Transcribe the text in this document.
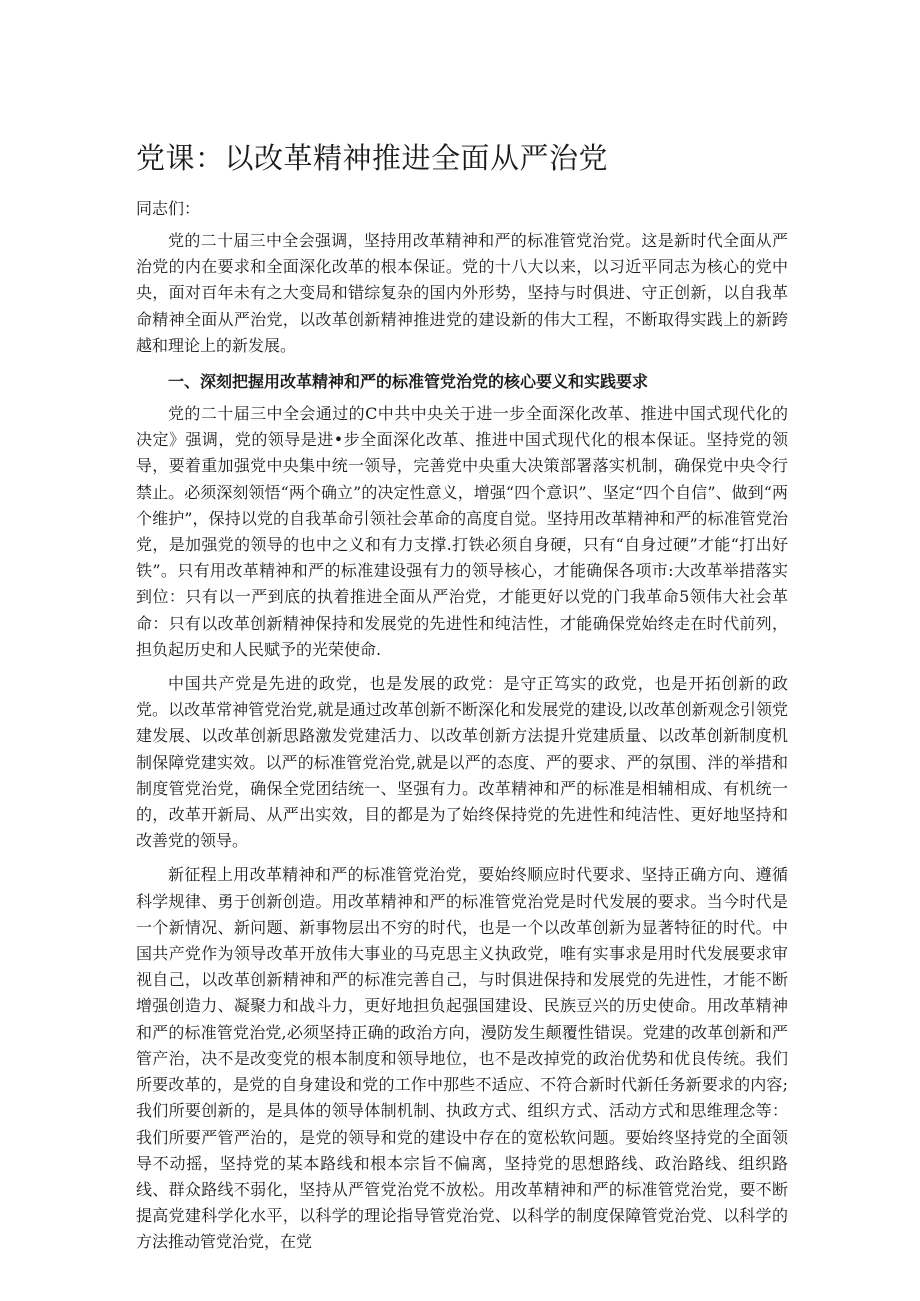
党课：以改革精神推进全面从严治党

同志们：

党的二十届三中全会强调，坚持用改革精神和严的标准管党治党。这是新时代全面从严治党的内在要求和全面深化改革的根本保证。党的十八大以来，以习近平同志为核心的党中央，面对百年未有之大变局和错综复杂的国内外形势，坚持与时俱进、守正创新，以自我革命精神全面从严治党，以改革创新精神推进党的建设新的伟大工程，不断取得实践上的新跨越和理论上的新发展。

一、深刻把握用改革精神和严的标准管党治党的核心要义和实践要求

党的二十届三中全会通过的C中共中央关于进一步全面深化改革、推进中国式现代化的决定》强调，党的领导是进•步全面深化改革、推进中国式现代化的根本保证。坚持党的领导，要着重加强党中央集中统一领导，完善党中央重大决策部署落实机制，确保党中央令行禁止。必须深刻领悟“两个确立”的决定性意义，增强“四个意识”、坚定“四个自信”、做到“两个维护”，保持以党的自我革命引领社会革命的高度自觉。坚持用改革精神和严的标准管党治党，是加强党的领导的也中之义和有力支撑.打铁必须自身硬，只有“自身过硬”才能“打出好铁”。只有用改革精神和严的标准建设强有力的领导核心，才能确保各项市:大改革举措落实到位：只有以一严到底的执着推进全面从严治党，才能更好以党的门我革命5领伟大社会革命：只有以改革创新精神保持和发展党的先进性和纯洁性，才能确保党始终走在时代前列，担负起历史和人民赋予的光荣使命.

中国共产党是先进的政党，也是发展的政党：是守正笃实的政党，也是开拓创新的政党。以改革常神管党治党,就是通过改革创新不断深化和发展党的建设,以改革创新观念引领党建发展、以改革创新思路激发党建活力、以改革创新方法提升党建质量、以改革创新制度机制保障党建实效。以严的标准管党治党,就是以严的态度、严的要求、严的氛围、泮的举措和制度管党治党，确保全党团结统一、坚强有力。改革精神和严的标准是相辅相成、有机统一的，改革开新局、从严出实效，目的都是为了始终保持党的先进性和纯洁性、更好地坚持和改善党的领导。

新征程上用改革精神和严的标准管党治党，要始终顺应时代要求、坚持正确方向、遵循科学规律、勇于创新创造。用改革精神和严的标准管党治党是时代发展的要求。当今时代是一个新情况、新问题、新事物层出不穷的时代，也是一个以改革创新为显著特征的时代。中国共产党作为领导改革开放伟大事业的马克思主义执政党，唯有实事求是用时代发展要求审视自己，以改革创新精神和严的标准完善自己，与时俱进保持和发展党的先进性，才能不断增强创造力、凝聚力和战斗力，更好地担负起强国建设、民族豆兴的历史使命。用改革精神和严的标准管党治党,必须坚持正确的政治方向，漫防发生颠覆性错误。党建的改革创新和严管产治，决不是改变党的根本制度和领导地位，也不是改掉党的政治优势和优良传统。我们所要改革的，是党的自身建设和党的工作中那些不适应、不符合新时代新任务新要求的内容;我们所要创新的，是具体的领导体制机制、执政方式、组织方式、活动方式和思维理念等：我们所要严管严治的，是党的领导和党的建设中存在的宽松软问题。要始终坚持党的全面领导不动摇，坚持党的某本路线和根本宗旨不偏离，坚持党的思想路线、政治路线、组织路线、群众路线不弱化，坚持从严管党治党不放松。用改革精神和严的标准管党治党，要不断提高党建科学化水平，以科学的理论指导管党治党、以科学的制度保障管党治党、以科学的方法推动管党治党，在党
